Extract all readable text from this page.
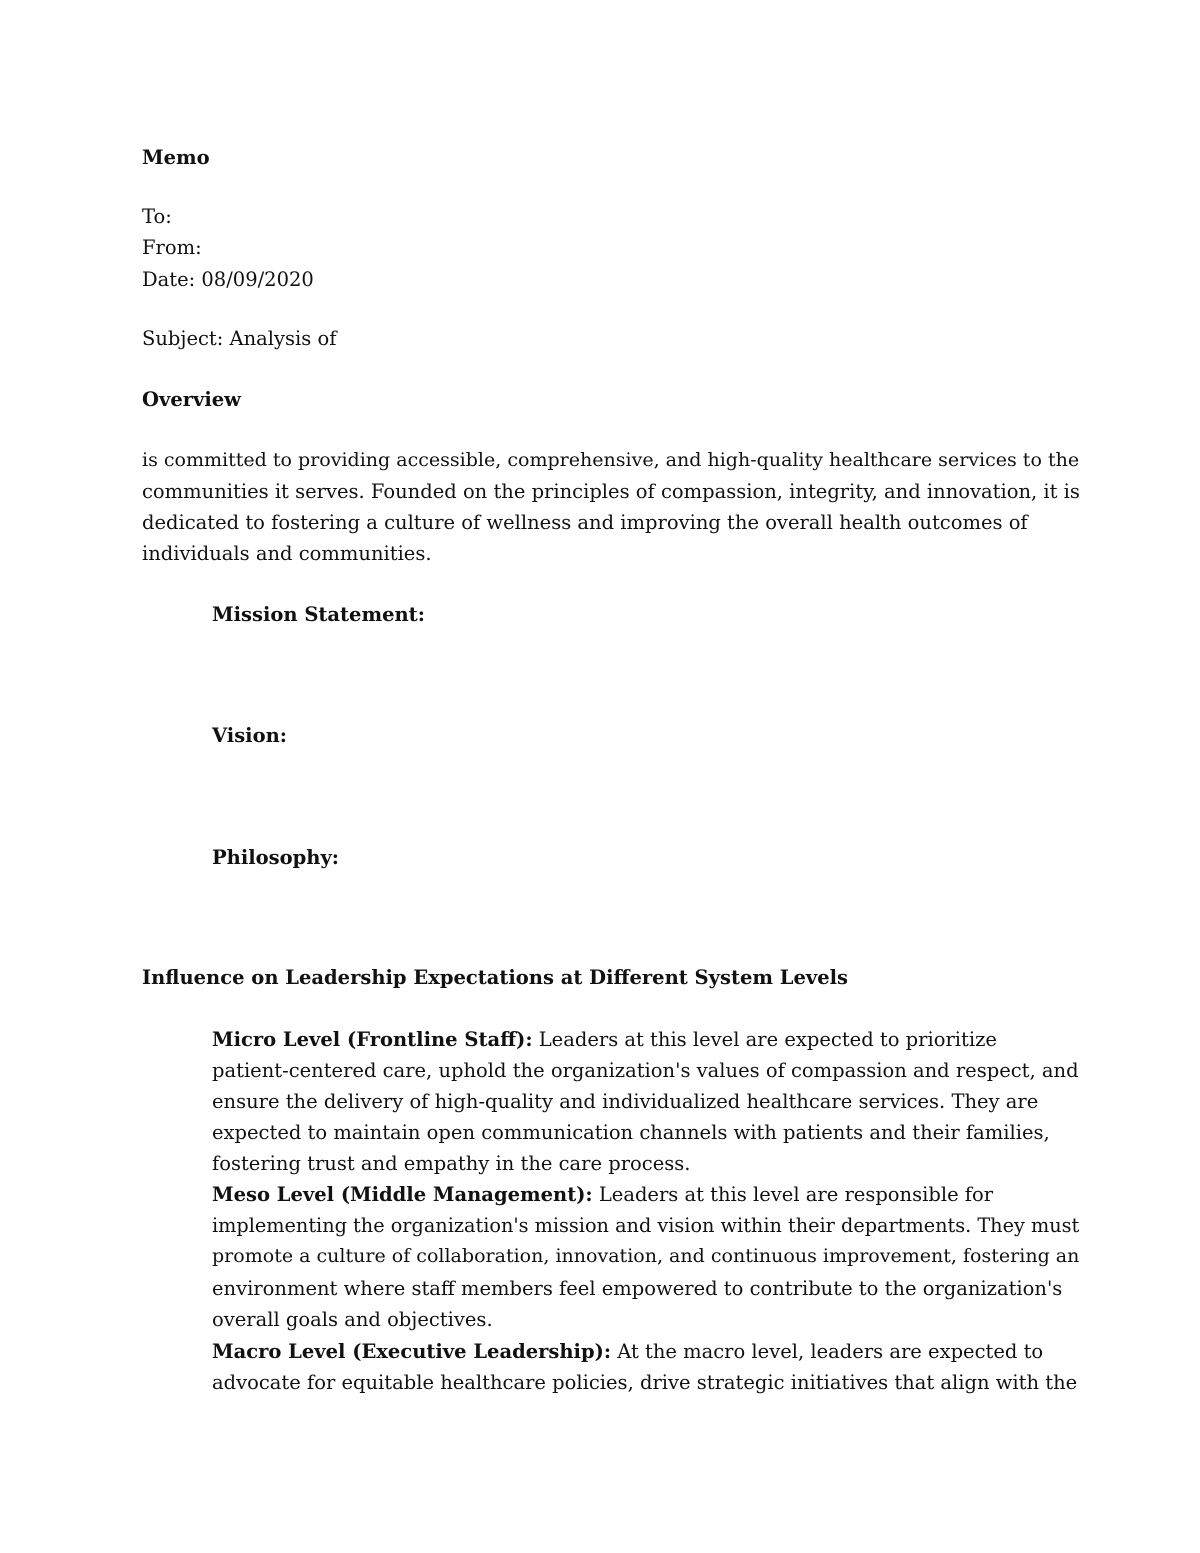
Memo
To:
From:
Date: 08/09/2020
Subject: Analysis of
Overview
is committed to providing accessible, comprehensive, and high-quality healthcare services to the
communities it serves. Founded on the principles of compassion, integrity, and innovation, it is
dedicated to fostering a culture of wellness and improving the overall health outcomes of
individuals and communities.
Mission Statement:
Vision:
Philosophy:
Influence on Leadership Expectations at Different System Levels
Micro Level (Frontline Staff): Leaders at this level are expected to prioritize
patient-centered care, uphold the organization's values of compassion and respect, and
ensure the delivery of high-quality and individualized healthcare services. They are
expected to maintain open communication channels with patients and their families,
fostering trust and empathy in the care process.
Meso Level (Middle Management): Leaders at this level are responsible for
implementing the organization's mission and vision within their departments. They must
promote a culture of collaboration, innovation, and continuous improvement, fostering an
environment where staff members feel empowered to contribute to the organization's
overall goals and objectives.
Macro Level (Executive Leadership): At the macro level, leaders are expected to
advocate for equitable healthcare policies, drive strategic initiatives that align with the
